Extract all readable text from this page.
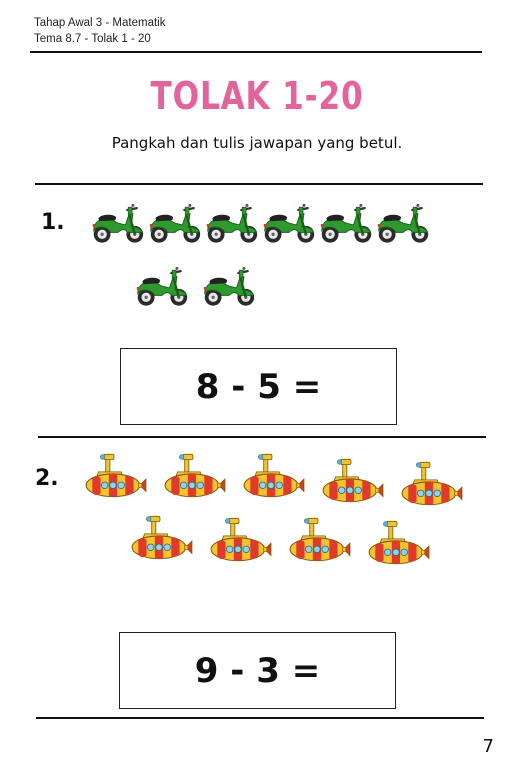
Tahap Awal 3 - Matematik
Tema 8.7 - Tolak 1 - 20
TOLAK 1-20
Pangkah dan tulis jawapan yang betul.
1.
8 - 5 =
2.
9 - 3 =
7
